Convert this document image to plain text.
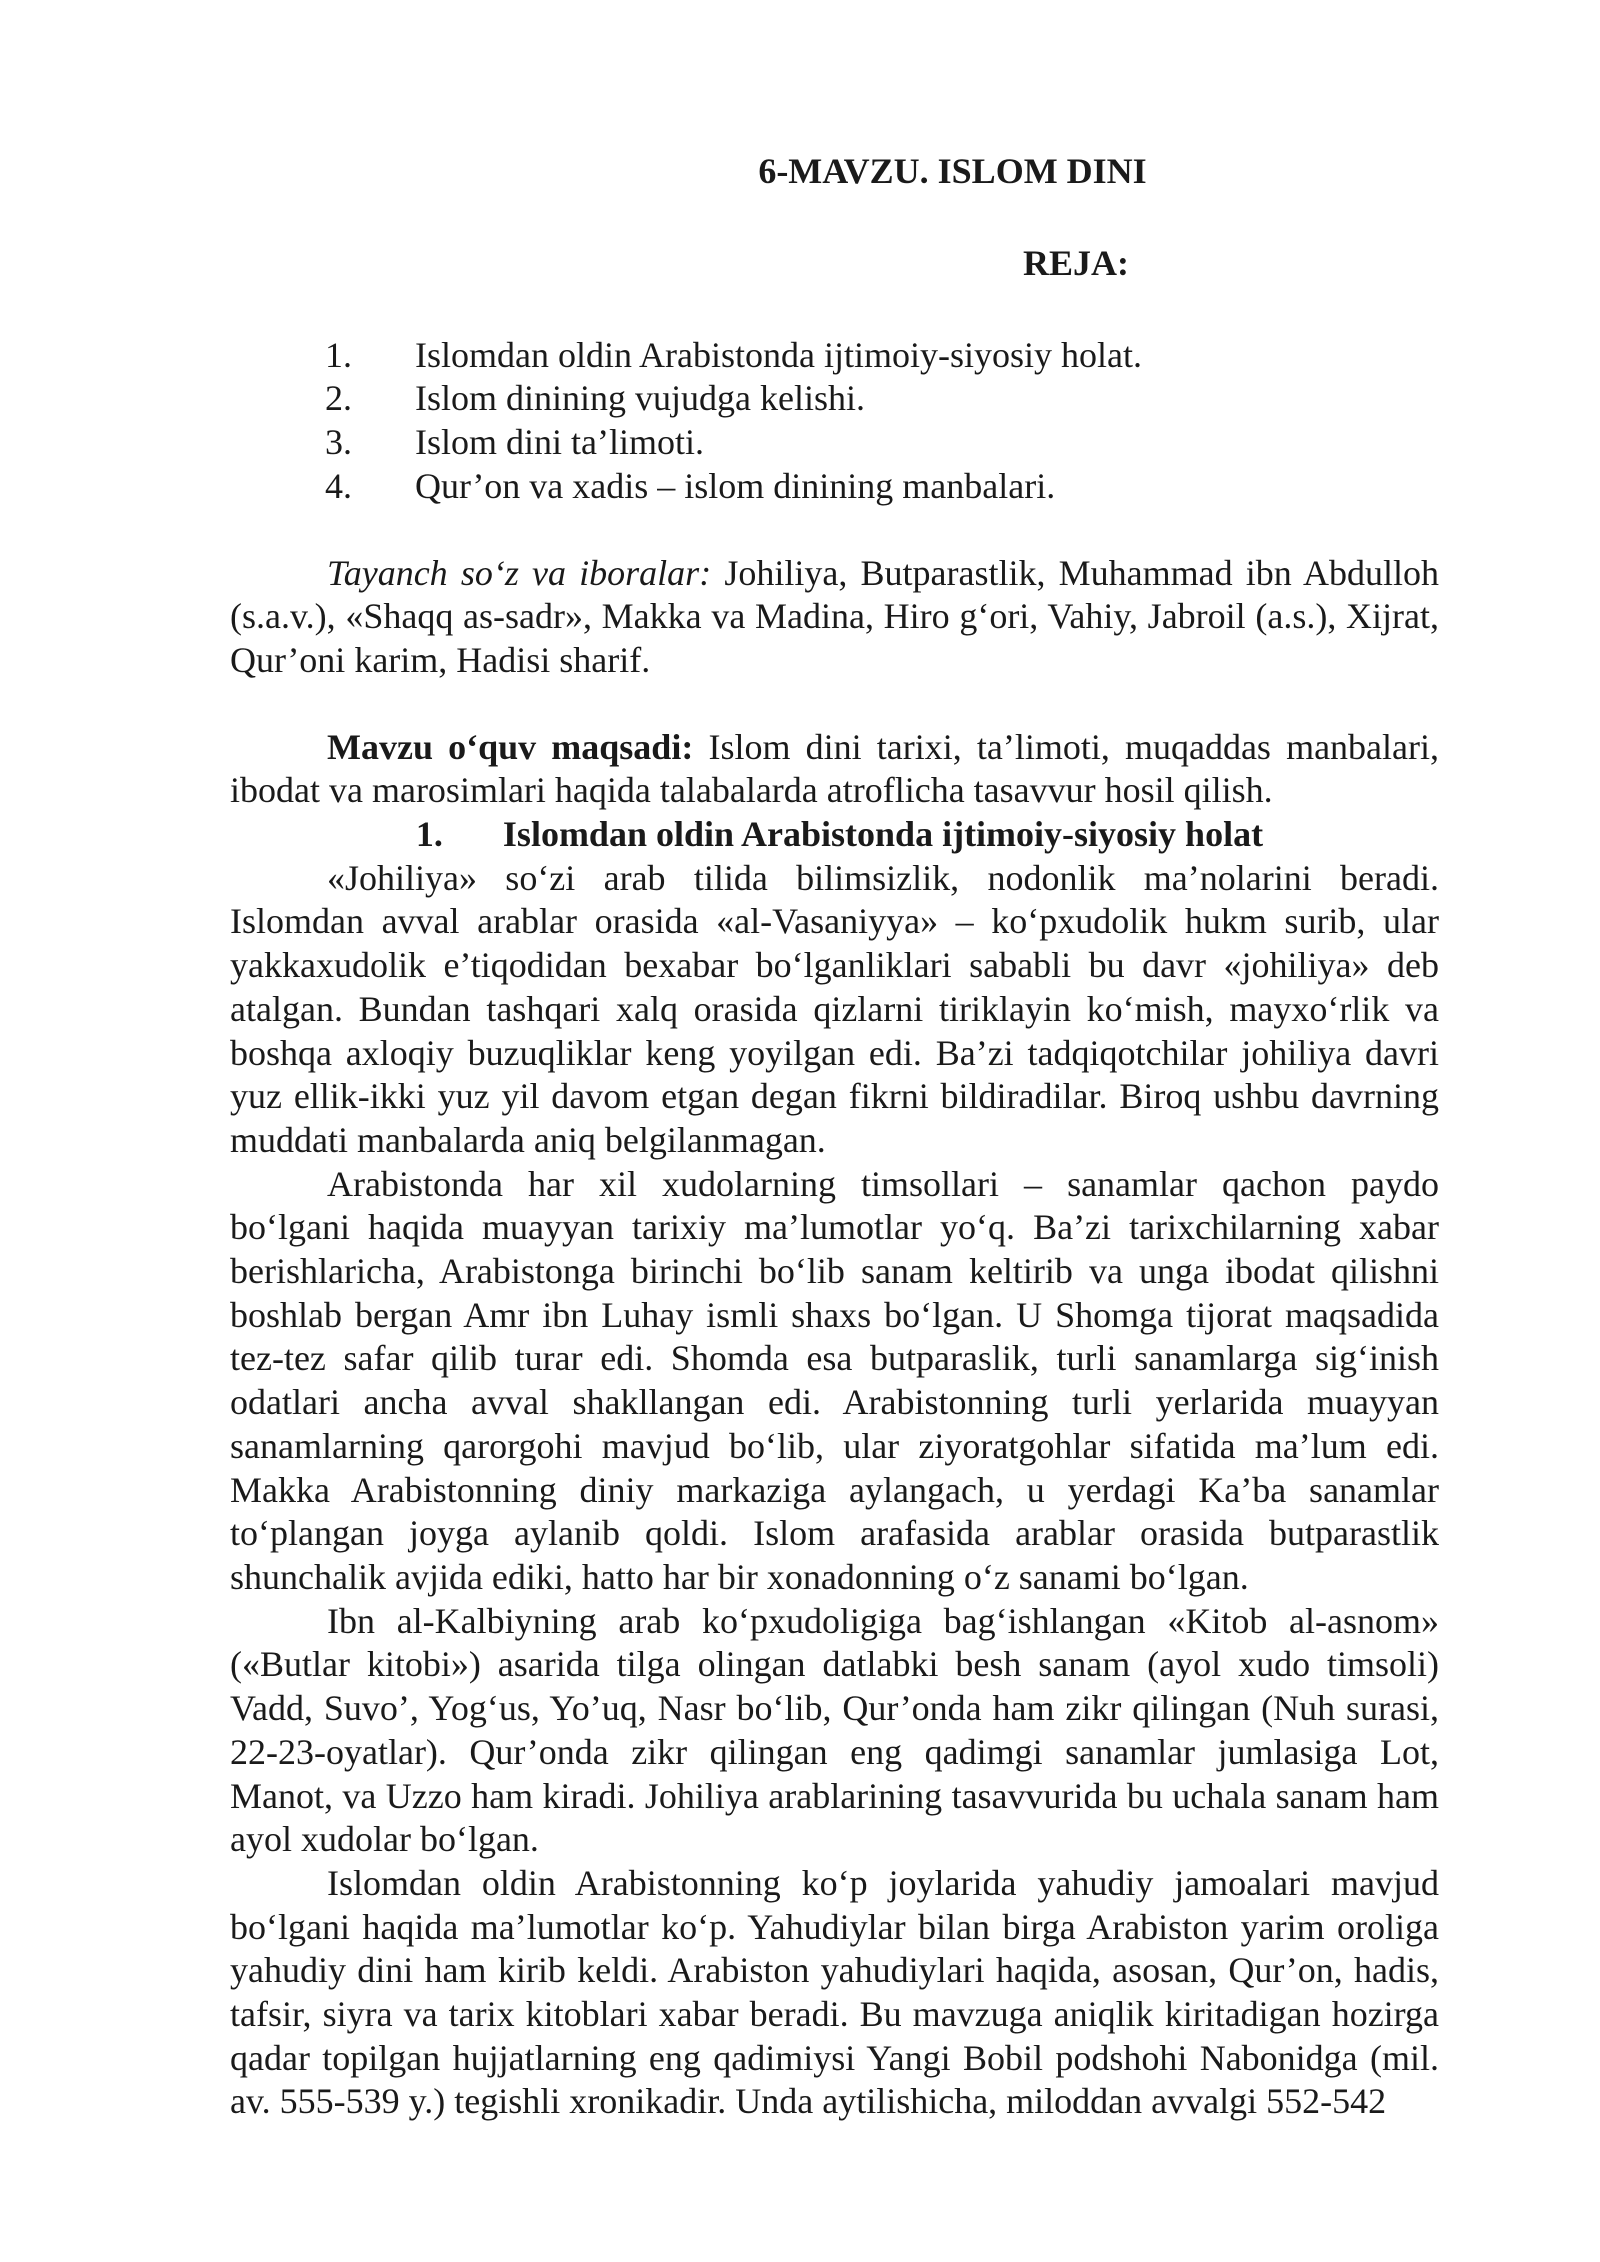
6-MAVZU. ISLOM DINI
REJA:
1.	Islomdan oldin Arabistonda ijtimoiy-siyosiy holat.
2.	Islom dinining vujudga kelishi.
3.	Islom dini ta’limoti.
4.	Qur’on va xadis – islom dinining manbalari.

Tayanch so‘z va iboralar: Johiliya, Butparastlik, Muhammad ibn Abdulloh (s.a.v.), «Shaqq as-sadr», Makka va Madina, Hiro g‘ori, Vahiy, Jabroil (a.s.), Xijrat, Qur’oni karim, Hadisi sharif.

Mavzu o‘quv maqsadi: Islom dini tarixi, ta’limoti, muqaddas manbalari, ibodat va marosimlari haqida talabalarda atroflicha tasavvur hosil qilish.

1. Islomdan oldin Arabistonda ijtimoiy-siyosiy holat

«Johiliya» so‘zi arab tilida bilimsizlik, nodonlik ma’nolarini beradi. Islomdan avval arablar orasida «al-Vasaniyya» – ko‘pxudolik hukm surib, ular yakkaxudolik e’tiqodidan bexabar bo‘lganliklari sababli bu davr «johiliya» deb atalgan. Bundan tashqari xalq orasida qizlarni tiriklayin ko‘mish, mayxo‘rlik va boshqa axloqiy buzuqliklar keng yoyilgan edi. Ba’zi tadqiqotchilar johiliya davri yuz ellik-ikki yuz yil davom etgan degan fikrni bildiradilar. Biroq ushbu davrning muddati manbalarda aniq belgilanmagan.

Arabistonda har xil xudolarning timsollari – sanamlar qachon paydo bo‘lgani haqida muayyan tarixiy ma’lumotlar yo‘q. Ba’zi tarixchilarning xabar berishlaricha, Arabistonga birinchi bo‘lib sanam keltirib va unga ibodat qilishni boshlab bergan Amr ibn Luhay ismli shaxs bo‘lgan. U Shomga tijorat maqsadida tez-tez safar qilib turar edi. Shomda esa butparaslik, turli sanamlarga sig‘inish odatlari ancha avval shakllangan edi. Arabistonning turli yerlarida muayyan sanamlarning qarorgohi mavjud bo‘lib, ular ziyoratgohlar sifatida ma’lum edi. Makka Arabistonning diniy markaziga aylangach, u yerdagi Ka’ba sanamlar to‘plangan joyga aylanib qoldi. Islom arafasida arablar orasida butparastlik shunchalik avjida ediki, hatto har bir xonadonning o‘z sanami bo‘lgan.

Ibn al-Kalbiyning arab ko‘pxudoligiga bag‘ishlangan «Kitob al-asnom» («Butlar kitobi») asarida tilga olingan datlabki besh sanam (ayol xudo timsoli) Vadd, Suvo’, Yog‘us, Yo’uq, Nasr bo‘lib, Qur’onda ham zikr qilingan (Nuh surasi, 22-23-oyatlar). Qur’onda zikr qilingan eng qadimgi sanamlar jumlasiga Lot, Manot, va Uzzo ham kiradi. Johiliya arablarining tasavvurida bu uchala sanam ham ayol xudolar bo‘lgan.

Islomdan oldin Arabistonning ko‘p joylarida yahudiy jamoalari mavjud bo‘lgani haqida ma’lumotlar ko‘p. Yahudiylar bilan birga Arabiston yarim oroliga yahudiy dini ham kirib keldi. Arabiston yahudiylari haqida, asosan, Qur’on, hadis, tafsir, siyra va tarix kitoblari xabar beradi. Bu mavzuga aniqlik kiritadigan hozirga qadar topilgan hujjatlarning eng qadimiysi Yangi Bobil podshohi Nabonidga (mil. av. 555-539 y.) tegishli xronikadir. Unda aytilishicha, miloddan avvalgi 552-542
